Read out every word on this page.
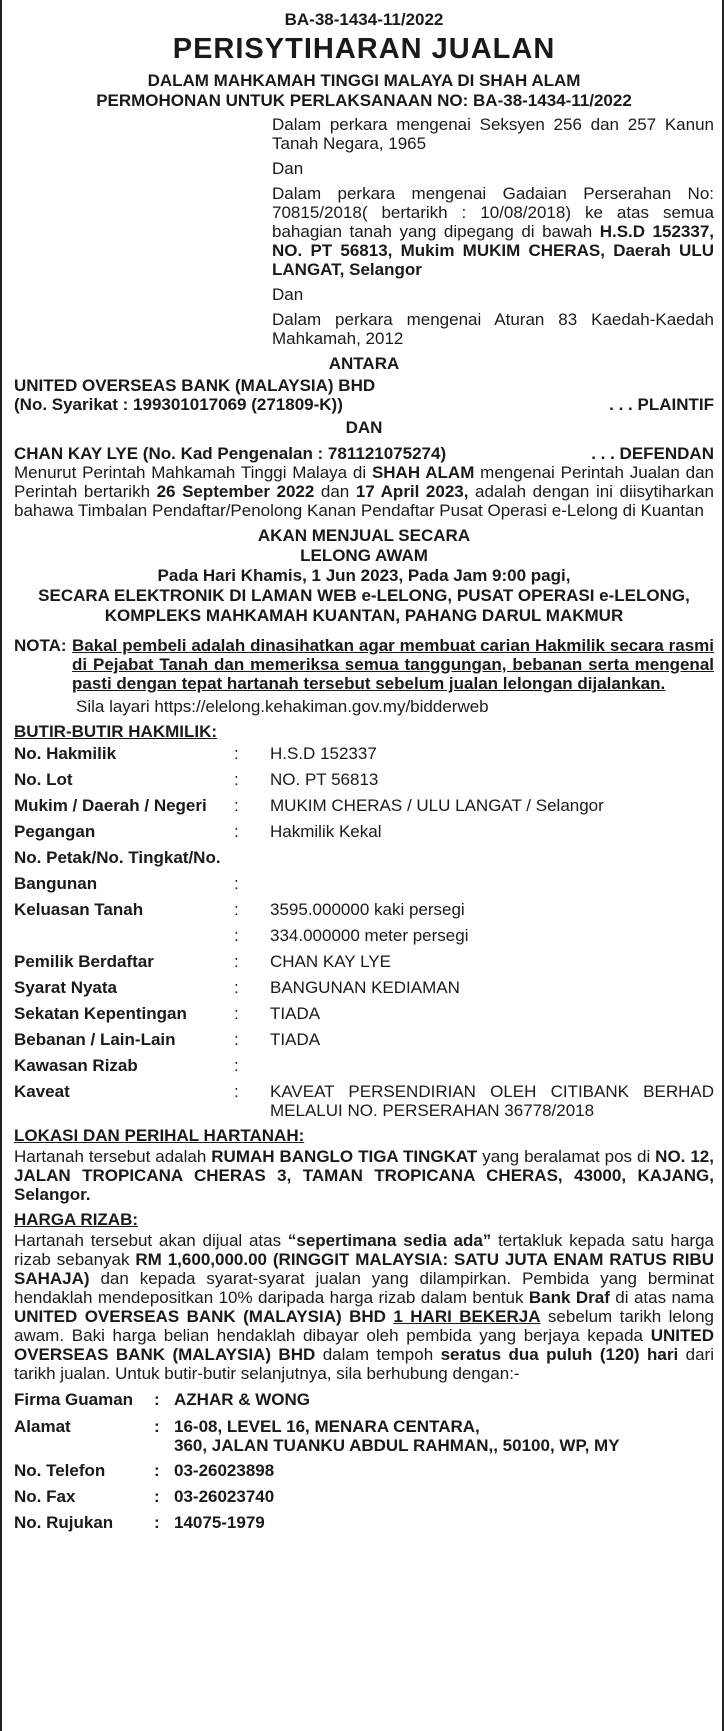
BA-38-1434-11/2022
PERISYTIHARAN JUALAN
DALAM MAHKAMAH TINGGI MALAYA DI SHAH ALAM
PERMOHONAN UNTUK PERLAKSANAAN NO: BA-38-1434-11/2022

Dalam perkara mengenai Seksyen 256 dan 257 Kanun Tanah Negara, 1965

Dan

Dalam perkara mengenai Gadaian Perserahan No: 70815/2018( bertarikh : 10/08/2018) ke atas semua bahagian tanah yang dipegang di bawah H.S.D 152337, NO. PT 56813, Mukim MUKIM CHERAS, Daerah ULU LANGAT, Selangor

Dan

Dalam perkara mengenai Aturan 83 Kaedah-Kaedah Mahkamah, 2012

ANTARA
UNITED OVERSEAS BANK (MALAYSIA) BHD
(No. Syarikat : 199301017069 (271809-K))	. . . PLAINTIF
DAN
CHAN KAY LYE (No. Kad Pengenalan : 781121075274)	. . . DEFENDAN

Menurut Perintah Mahkamah Tinggi Malaya di SHAH ALAM mengenai Perintah Jualan dan Perintah bertarikh 26 September 2022 dan 17 April 2023, adalah dengan ini diisytiharkan bahawa Timbalan Pendaftar/Penolong Kanan Pendaftar Pusat Operasi e-Lelong di Kuantan

AKAN MENJUAL SECARA
LELONG AWAM
Pada Hari Khamis, 1 Jun 2023, Pada Jam 9:00 pagi,
SECARA ELEKTRONIK DI LAMAN WEB e-LELONG, PUSAT OPERASI e-LELONG,
KOMPLEKS MAHKAMAH KUANTAN, PAHANG DARUL MAKMUR
NOTA: Bakal pembeli adalah dinasihatkan agar membuat carian Hakmilik secara rasmi di Pejabat Tanah dan memeriksa semua tanggungan, bebanan serta mengenal pasti dengan tepat hartanah tersebut sebelum jualan lelongan dijalankan.
Sila layari https://elelong.kehakiman.gov.my/bidderweb
BUTIR-BUTIR HAKMILIK:
No. Hakmilik	:	H.S.D 152337
No. Lot	:	NO. PT 56813
Mukim / Daerah / Negeri	:	MUKIM CHERAS / ULU LANGAT / Selangor
Pegangan	:	Hakmilik Kekal
No. Petak/No. Tingkat/No.
Bangunan	:
Keluasan Tanah	:	3595.000000 kaki persegi
:	334.000000 meter persegi
Pemilik Berdaftar	:	CHAN KAY LYE
Syarat Nyata	:	BANGUNAN KEDIAMAN
Sekatan Kepentingan	:	TIADA
Bebanan / Lain-Lain	:	TIADA
Kawasan Rizab	:
Kaveat	:	KAVEAT PERSENDIRIAN OLEH CITIBANK BERHAD MELALUI NO. PERSERAHAN 36778/2018
LOKASI DAN PERIHAL HARTANAH:

Hartanah tersebut adalah RUMAH BANGLO TIGA TINGKAT yang beralamat pos di NO. 12, JALAN TROPICANA CHERAS 3, TAMAN TROPICANA CHERAS, 43000, KAJANG, Selangor.

HARGA RIZAB:

Hartanah tersebut akan dijual atas “sepertimana sedia ada” tertakluk kepada satu harga rizab sebanyak RM 1,600,000.00 (RINGGIT MALAYSIA: SATU JUTA ENAM RATUS RIBU SAHAJA) dan kepada syarat-syarat jualan yang dilampirkan. Pembida yang berminat hendaklah mendepositkan 10% daripada harga rizab dalam bentuk Bank Draf di atas nama UNITED OVERSEAS BANK (MALAYSIA) BHD 1 HARI BEKERJA sebelum tarikh lelong awam. Baki harga belian hendaklah dibayar oleh pembida yang berjaya kepada UNITED OVERSEAS BANK (MALAYSIA) BHD dalam tempoh seratus dua puluh (120) hari dari tarikh jualan. Untuk butir-butir selanjutnya, sila berhubung dengan:-

Firma Guaman	: AZHAR & WONG
Alamat	: 16-08, LEVEL 16, MENARA CENTARA,
360, JALAN TUANKU ABDUL RAHMAN,, 50100, WP, MY
No. Telefon	: 03-26023898
No. Fax	: 03-26023740
No. Rujukan	: 14075-1979
